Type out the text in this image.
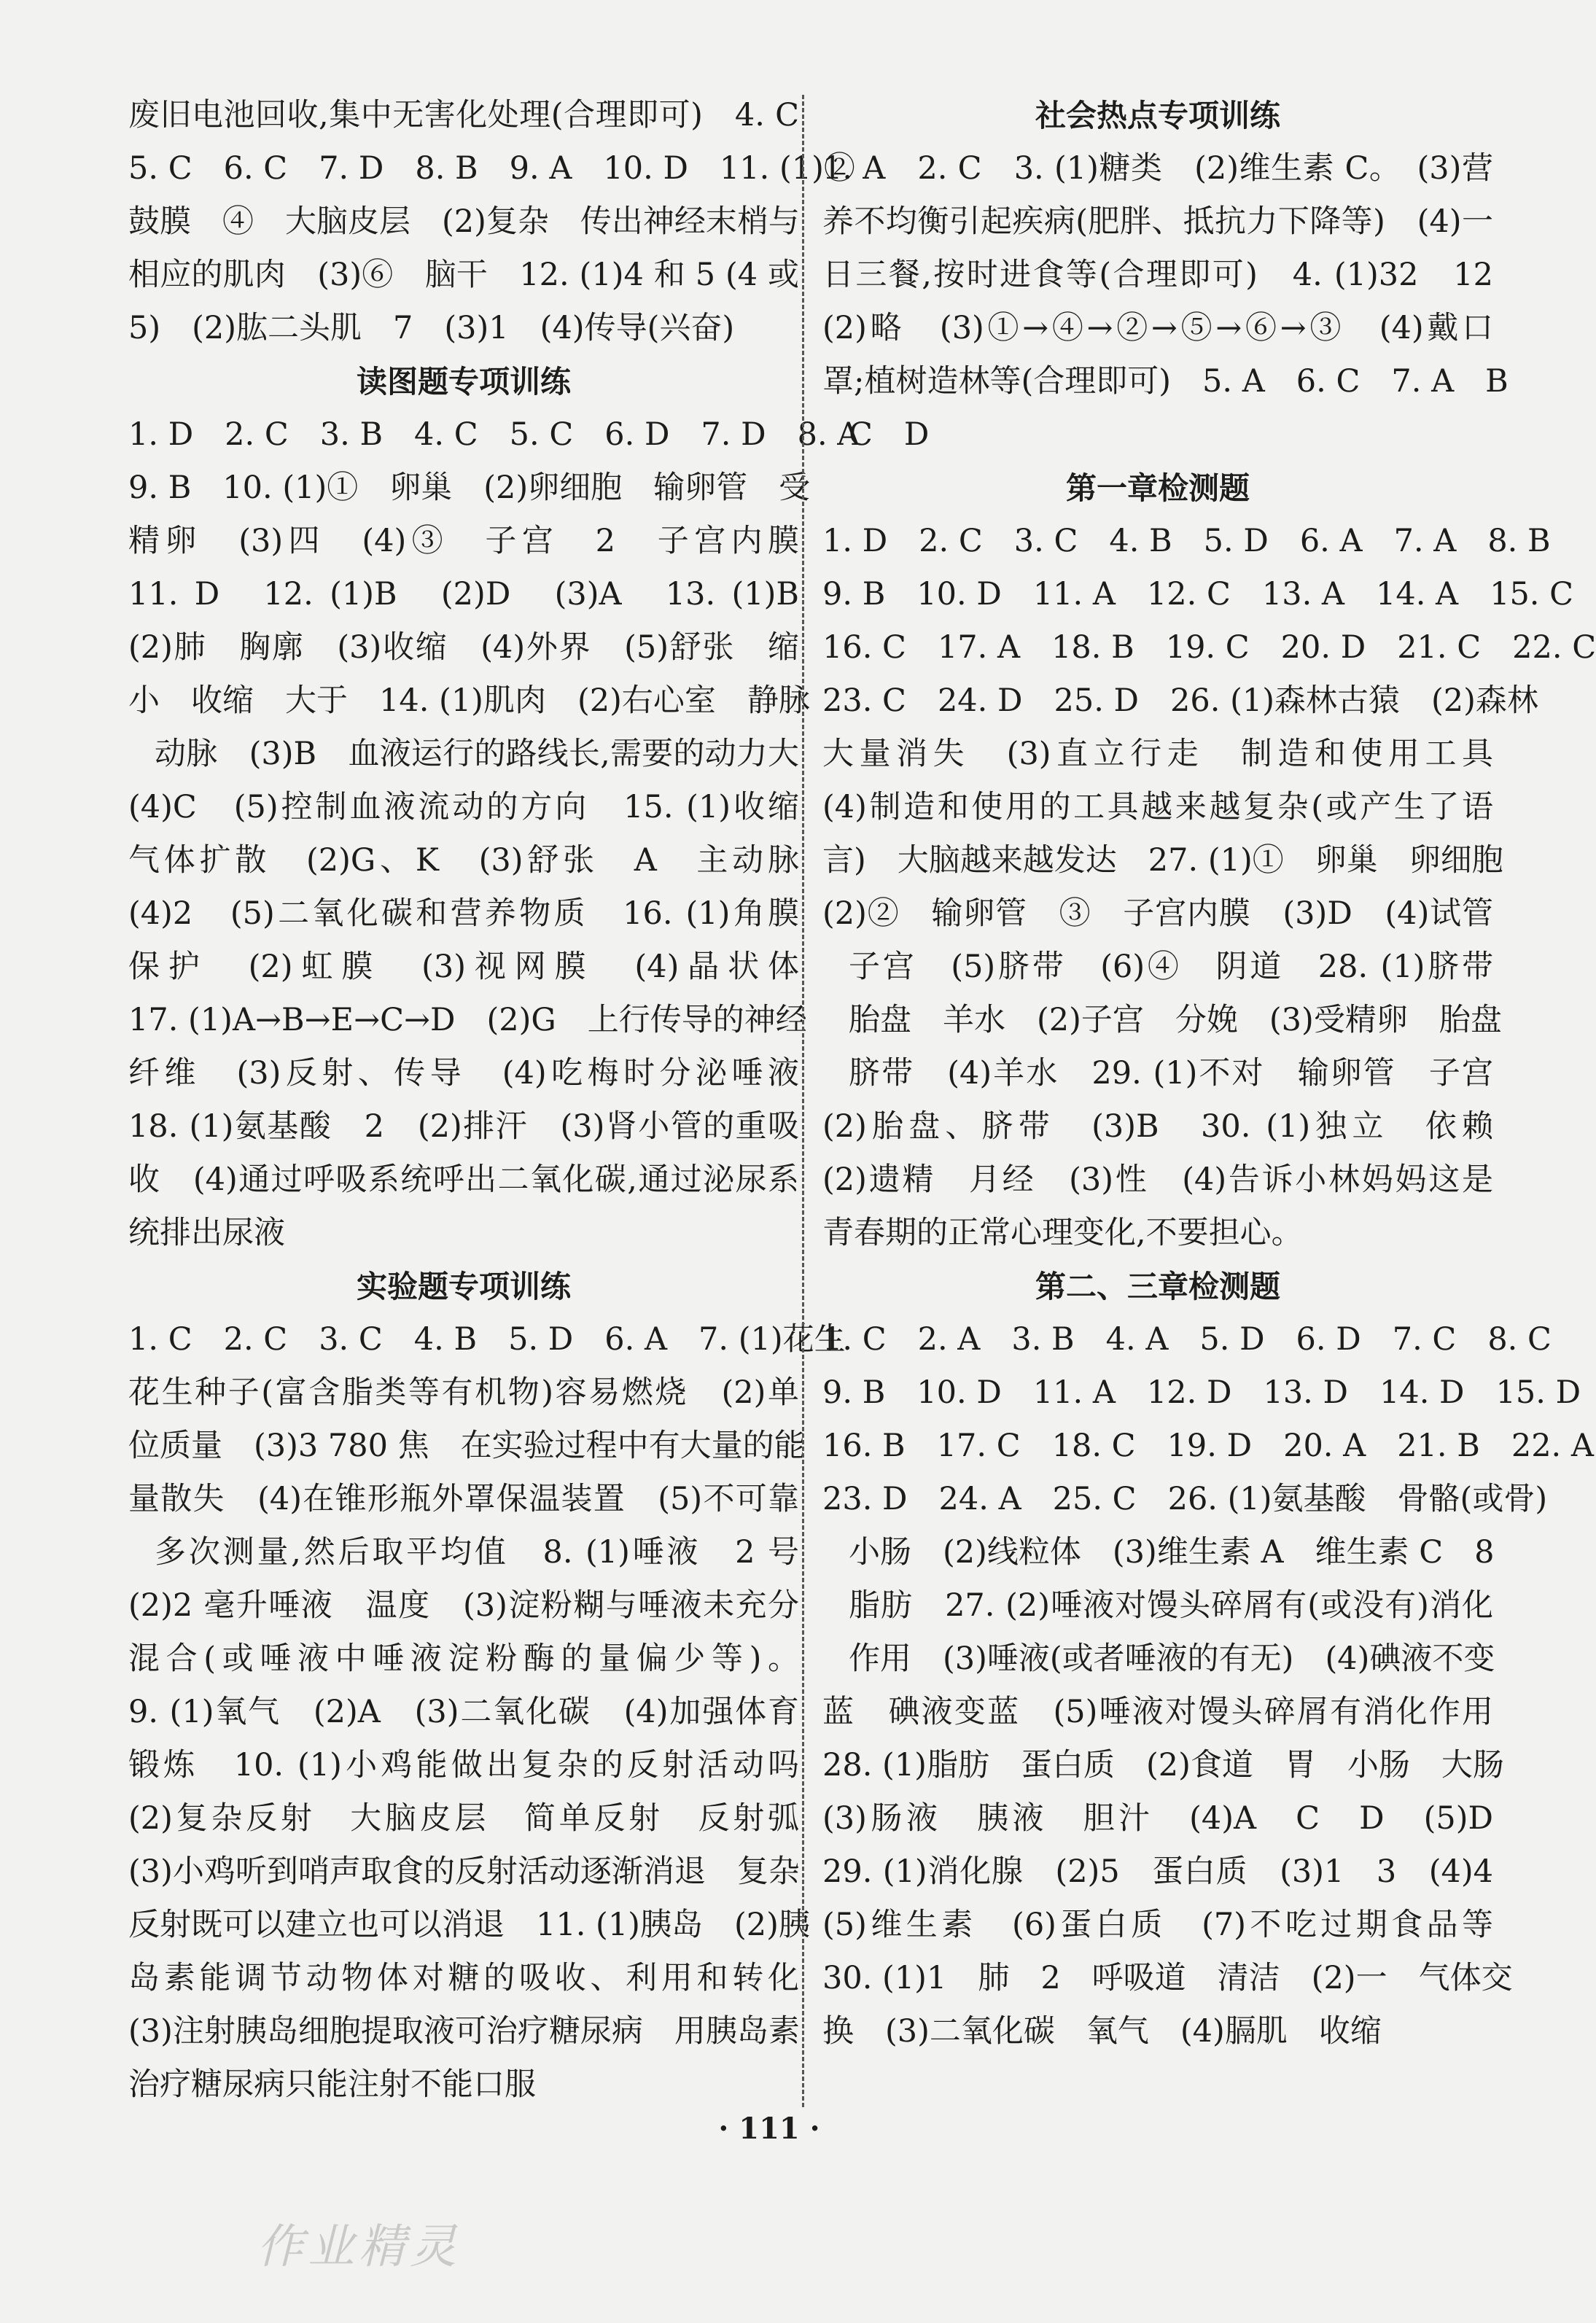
废旧电池回收,集中无害化处理(合理即可)　4. C
5. C　6. C　7. D　8. B　9. A　10. D　11. (1)②
鼓膜　④　大脑皮层　(2)复杂　传出神经末梢与
相应的肌肉　(3)⑥　脑干　12. (1)4 和 5 (4 或
5)　(2)肱二头肌　7　(3)1　(4)传导(兴奋)
读图题专项训练
1. D　2. C　3. B　4. C　5. C　6. D　7. D　8. A
9. B　10. (1)①　卵巢　(2)卵细胞　输卵管　受
精卵　(3)四　(4)③　子宫　2　子宫内膜
11. D　12. (1)B　(2)D　(3)A　13. (1)B
(2)肺　胸廓　(3)收缩　(4)外界　(5)舒张　缩
小　收缩　大于　14. (1)肌肉　(2)右心室　静脉
动脉　(3)B　血液运行的路线长,需要的动力大
(4)C　(5)控制血液流动的方向　15. (1)收缩
气体扩散　(2)G、K　(3)舒张　A　主动脉
(4)2　(5)二氧化碳和营养物质　16. (1)角膜
保护　(2)虹膜　(3)视网膜　(4)晶状体
17. (1)A→B→E→C→D　(2)G　上行传导的神经
纤维　(3)反射、传导　(4)吃梅时分泌唾液
18. (1)氨基酸　2　(2)排汗　(3)肾小管的重吸
收　(4)通过呼吸系统呼出二氧化碳,通过泌尿系
统排出尿液
实验题专项训练
1. C　2. C　3. C　4. B　5. D　6. A　7. (1)花生
花生种子(富含脂类等有机物)容易燃烧　(2)单
位质量　(3)3 780 焦　在实验过程中有大量的能
量散失　(4)在锥形瓶外罩保温装置　(5)不可靠
多次测量,然后取平均值　8. (1)唾液　2 号
(2)2 毫升唾液　温度　(3)淀粉糊与唾液未充分
混合(或唾液中唾液淀粉酶的量偏少等)。
9. (1)氧气　(2)A　(3)二氧化碳　(4)加强体育
锻炼　10. (1)小鸡能做出复杂的反射活动吗
(2)复杂反射　大脑皮层　简单反射　反射弧
(3)小鸡听到哨声取食的反射活动逐渐消退　复杂
反射既可以建立也可以消退　11. (1)胰岛　(2)胰
岛素能调节动物体对糖的吸收、利用和转化
(3)注射胰岛细胞提取液可治疗糖尿病　用胰岛素
治疗糖尿病只能注射不能口服
社会热点专项训练
1. A　2. C　3. (1)糖类　(2)维生素 C。　(3)营
养不均衡引起疾病(肥胖、抵抗力下降等)　(4)一
日三餐,按时进食等(合理即可)　4. (1)32　12
(2)略　(3)①→④→②→⑤→⑥→③　(4)戴口
罩;植树造林等(合理即可)　5. A　6. C　7. A　B
C　D
第一章检测题
1. D　2. C　3. C　4. B　5. D　6. A　7. A　8. B
9. B　10. D　11. A　12. C　13. A　14. A　15. C
16. C　17. A　18. B　19. C　20. D　21. C　22. C
23. C　24. D　25. D　26. (1)森林古猿　(2)森林
大量消失　(3)直立行走　制造和使用工具
(4)制造和使用的工具越来越复杂(或产生了语
言)　大脑越来越发达　27. (1)①　卵巢　卵细胞
(2)②　输卵管　③　子宫内膜　(3)D　(4)试管
子宫　(5)脐带　(6)④　阴道　28. (1)脐带
胎盘　羊水　(2)子宫　分娩　(3)受精卵　胎盘
脐带　(4)羊水　29. (1)不对　输卵管　子宫
(2)胎盘、脐带　(3)B　30. (1)独立　依赖
(2)遗精　月经　(3)性　(4)告诉小林妈妈这是
青春期的正常心理变化,不要担心。
第二、三章检测题
1. C　2. A　3. B　4. A　5. D　6. D　7. C　8. C
9. B　10. D　11. A　12. D　13. D　14. D　15. D
16. B　17. C　18. C　19. D　20. A　21. B　22. A
23. D　24. A　25. C　26. (1)氨基酸　骨骼(或骨)
小肠　(2)线粒体　(3)维生素 A　维生素 C　8
脂肪　27. (2)唾液对馒头碎屑有(或没有)消化
作用　(3)唾液(或者唾液的有无)　(4)碘液不变
蓝　碘液变蓝　(5)唾液对馒头碎屑有消化作用
28. (1)脂肪　蛋白质　(2)食道　胃　小肠　大肠
(3)肠液　胰液　胆汁　(4)A　C　D　(5)D
29. (1)消化腺　(2)5　蛋白质　(3)1　3　(4)4
(5)维生素　(6)蛋白质　(7)不吃过期食品等
30. (1)1　肺　2　呼吸道　清洁　(2)一　气体交
换　(3)二氧化碳　氧气　(4)膈肌　收缩
· 111 ·
作业精灵
